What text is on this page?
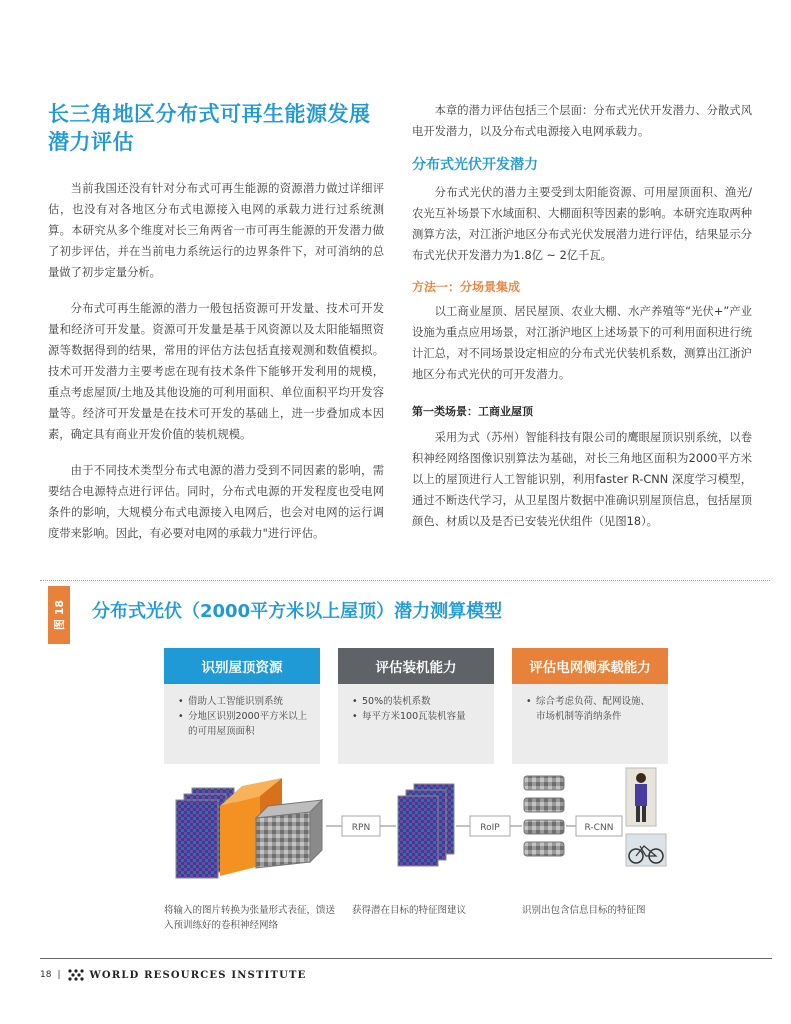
长三角地区分布式可再生能源发展潜力评估

当前我国还没有针对分布式可再生能源的资源潜力做过详细评估，也没有对各地区分布式电源接入电网的承载力进行过系统测算。本研究从多个维度对长三角两省一市可再生能源的开发潜力做了初步评估，并在当前电力系统运行的边界条件下，对可消纳的总量做了初步定量分析。

分布式可再生能源的潜力一般包括资源可开发量、技术可开发量和经济可开发量。资源可开发量是基于风资源以及太阳能辐照资源等数据得到的结果，常用的评估方法包括直接观测和数值模拟。技术可开发潜力主要考虑在现有技术条件下能够开发利用的规模，重点考虑屋顶/土地及其他设施的可利用面积、单位面积平均开发容量等。经济可开发量是在技术可开发的基础上，进一步叠加成本因素，确定具有商业开发价值的装机规模。

由于不同技术类型分布式电源的潜力受到不同因素的影响，需要结合电源特点进行评估。同时，分布式电源的开发程度也受电网条件的影响，大规模分布式电源接入电网后，也会对电网的运行调度带来影响。因此，有必要对电网的承载力"进行评估。

本章的潜力评估包括三个层面：分布式光伏开发潜力、分散式风电开发潜力，以及分布式电源接入电网承载力。

分布式光伏开发潜力

分布式光伏的潜力主要受到太阳能资源、可用屋顶面积、渔光/农光互补场景下水域面积、大棚面积等因素的影响。本研究连取两种测算方法，对江浙沪地区分布式光伏发展潜力进行评估，结果显示分布式光伏开发潜力为1.8亿 ~ 2亿千瓦。

方法一：分场景集成

以工商业屋顶、居民屋顶、农业大棚、水产养殖等“光伏+”产业设施为重点应用场景，对江浙沪地区上述场景下的可利用面积进行统计汇总，对不同场景设定相应的分布式光伏装机系数，测算出江浙沪地区分布式光伏的可开发潜力。

第一类场景：工商业屋顶

采用为式（苏州）智能科技有限公司的鹰眼屋顶识别系统，以卷积神经网络图像识别算法为基础，对长三角地区面积为2000平方米以上的屋顶进行人工智能识别，利用faster R-CNN 深度学习模型，通过不断迭代学习，从卫星图片数据中准确识别屋顶信息，包括屋顶颜色、材质以及是否已安装光伏组件（见图18）。

图 18 分布式光伏（2000平方米以上屋顶）潜力测算模型
识别屋顶资源
• 借助人工智能识别系统
• 分地区识别2000平方米以上的可用屋顶面积
评估装机能力
• 50%的装机系数
• 每平方米100瓦装机容量
评估电网侧承载能力
• 综合考虑负荷、配网设施、市场机制等消纳条件
RPN	RoIP	R-CNN
将输入的图片转换为张量形式表征，馈送入预训练好的卷积神经网络
获得潜在目标的特征图建议	识别出包含信息目标的特征图
18 |	WORLD RESOURCES INSTITUTE
